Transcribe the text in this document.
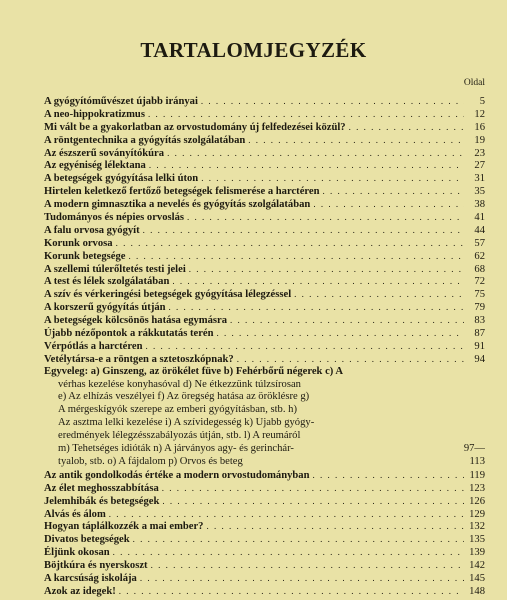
TARTALOMJEGYZÉK
Oldal
A gyógyítóművészet újabb irányai . . .	5
A neo-hippokratizmus . . .	12
Mi vált be a gyakorlatban az orvostudomány új felfedezései közül? . . .	16
A röntgentechnika a gyógyítás szolgálatában . . .	19
Az észszerű soványítókúra . . .	23
Az egyéniség lélektana . . .	27
A betegségek gyógyítása lelki úton . . .	31
Hirtelen keletkező fertőző betegségek felismerése a harctéren . . .	35
A modern gimnasztika a nevelés és gyógyítás szolgálatában . . .	38
Tudományos és népies orvoslás . . .	41
A falu orvosa gyógyít . . .	44
Korunk orvosa . . .	57
Korunk betegsége . . .	62
A szellemi túlerőltetés testi jelei . . .	68
A test és lélek szolgálatában . . .	72
A szív és vérkeringési betegségek gyógyítása lélegzéssel . . .	75
A korszerű gyógyítás útján . . .	79
A betegségek kölcsönös hatása egymásra . . .	83
Újabb nézőpontok a rákkutatás terén . . .	87
Vérpótlás a harctéren . . .	91
Vetélytársa-e a röntgen a sztetoszkópnak? . . .	94
Egyveleg: a) Ginszeng, az örökélet füve b) Fehérbőrű négerek c) A
vérhas kezelése konyhasóval d) Ne étkezzünk túlzsírosan
e) Az elhízás veszélyei f) Az öregség hatása az öröklésre g)
A mérgeskígyók szerepe az emberi gyógyításban, stb. h)
Az asztma lelki kezelése i) A szívidegesség k) Újabb gyógy-
eredmények lélegzésszabályozás útján, stb. l) A reumáról
m) Tehetséges idióták n) A járványos agy- és gerinchár-	97—
tyalob, stb. o) A fájdalom p) Orvos és beteg	113
Az antik gondolkodás értéke a modern orvostudományban . . .	119
Az élet meghosszabbítása . . .	123
Jelemhibák és betegségek . . .	126
Alvás és álom . . .	129
Hogyan táplálkozzék a mai ember? . . .	132
Divatos betegségek . . .	135
Éljünk okosan . . .	139
Böjtkúra és nyerskoszt . . .	142
A karcsúság iskolája . . .	145
Azok az idegek! . . .	148
